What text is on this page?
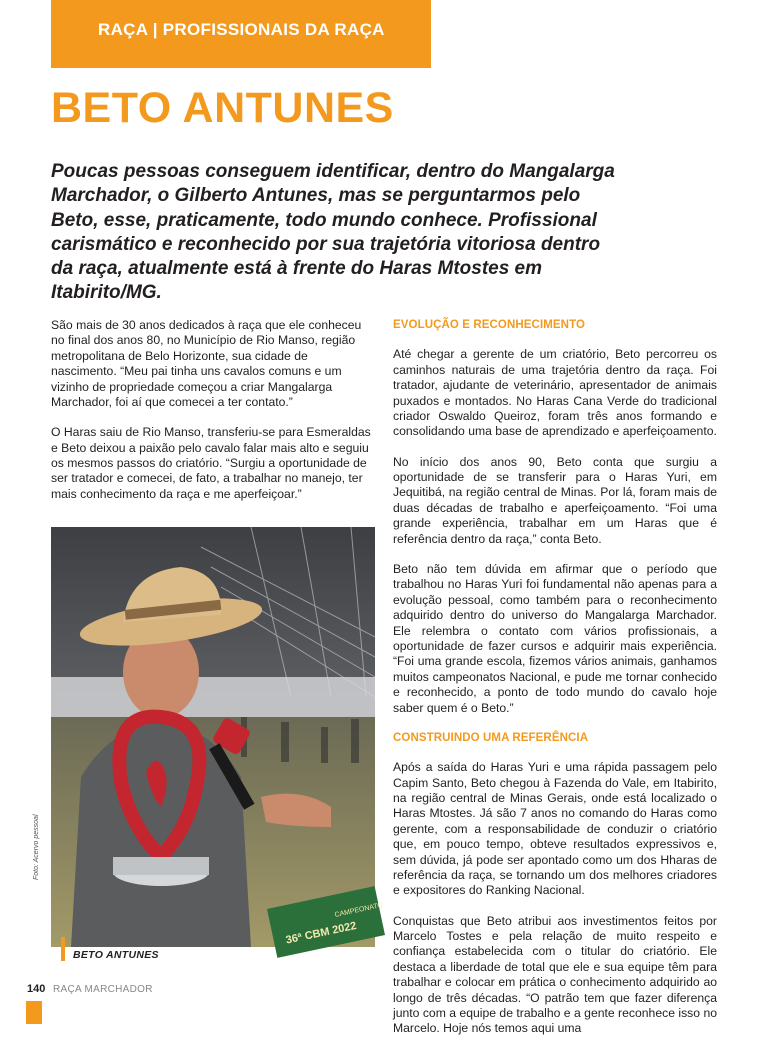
RAÇA | PROFISSIONAIS DA RAÇA
BETO ANTUNES

Poucas pessoas conseguem identificar, dentro do Mangalarga Marchador, o Gilberto Antunes, mas se perguntarmos pelo Beto, esse, praticamente, todo mundo conhece. Profissional carismático e reconhecido por sua trajetória vitoriosa dentro da raça, atualmente está à frente do Haras Mtostes em Itabirito/MG.

São mais de 30 anos dedicados à raça que ele conheceu no final dos anos 80, no Município de Rio Manso, região metropolitana de Belo Horizonte, sua cidade de nascimento. “Meu pai tinha uns cavalos comuns e um vizinho de propriedade começou a criar Mangalarga Marchador, foi aí que comecei a ter contato.”

O Haras saiu de Rio Manso, transferiu-se para Esmeraldas e Beto deixou a paixão pelo cavalo falar mais alto e seguiu os mesmos passos do criatório. “Surgiu a oportunidade de ser tratador e comecei, de fato, a trabalhar no manejo, ter mais conhecimento da raça e me aperfeiçoar.”

EVOLUÇÃO E RECONHECIMENTO

Até chegar a gerente de um criatório, Beto percorreu os caminhos naturais de uma trajetória dentro da raça. Foi tratador, ajudante de veterinário, apresentador de animais puxados e montados. No Haras Cana Verde do tradicional criador Oswaldo Queiroz, foram três anos formando e consolidando uma base de aprendizado e aperfeiçoamento.

No início dos anos 90, Beto conta que surgiu a oportunidade de se transferir para o Haras Yuri, em Jequitibá, na região central de Minas. Por lá, foram mais de duas décadas de trabalho e aperfeiçoamento. “Foi uma grande experiência, trabalhar em um Haras que é referência dentro da raça,” conta Beto.

Beto não tem dúvida em afirmar que o período que trabalhou no Haras Yuri foi fundamental não apenas para a evolução pessoal, como também para o reconhecimento adquirido dentro do universo do Mangalarga Marchador. Ele relembra o contato com vários profissionais, a oportunidade de fazer cursos e adquirir mais experiência. “Foi uma grande escola, fizemos vários animais, ganhamos muitos campeonatos Nacional, e pude me tornar conhecido e reconhecido, a ponto de todo mundo do cavalo hoje saber quem é o Beto.”

CONSTRUINDO UMA REFERÊNCIA

Após a saída do Haras Yuri e uma rápida passagem pelo Capim Santo, Beto chegou à Fazenda do Vale, em Itabirito, na região central de Minas Gerais, onde está localizado o Haras Mtostes. Já são 7 anos no comando do Haras como gerente, com a responsabilidade de conduzir o criatório que, em pouco tempo, obteve resultados expressivos e, sem dúvida, já pode ser apontado como um dos Hharas de referência da raça, se tornando um dos melhores criadores e expositores do Ranking Nacional.

Conquistas que Beto atribui aos investimentos feitos por Marcelo Tostes e pela relação de muito respeito e confiança estabelecida com o titular do criatório. Ele destaca a liberdade de total que ele e sua equipe têm para trabalhar e colocar em prática o conhecimento adquirido ao longo de três décadas. “O patrão tem que fazer diferença junto com a equipe de trabalho e a gente reconhece isso no Marcelo. Hoje nós temos aqui uma

36ª CBM 2022
CAMPEONATO
Foto: Acervo pessoal
BETO ANTUNES
140 RAÇA MARCHADOR
